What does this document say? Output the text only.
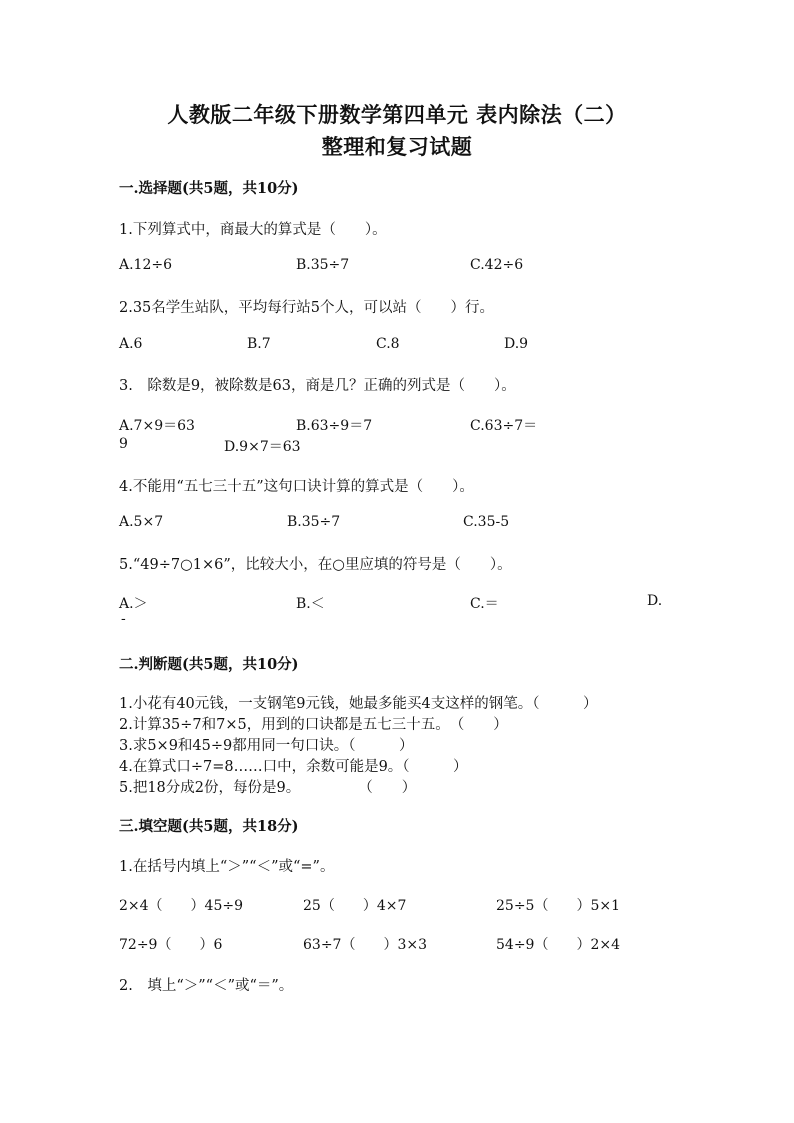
人教版二年级下册数学第四单元 表内除法（二）
整理和复习试题
一.选择题(共5题，共10分)
1.下列算式中，商最大的算式是（　　）。
A.12÷6	B.35÷7	C.42÷6
2.35名学生站队，平均每行站5个人，可以站（　　）行。
A.6	B.7	C.8	D.9
3.　除数是9，被除数是63，商是几？正确的列式是（　　）。
A.7×9＝63	B.63÷9＝7	C.63÷7＝
9	D.9×7＝63
4.不能用“五七三十五”这句口诀计算的算式是（　　）。
A.5×7	B.35÷7	C.35-5
5.“49÷7○1×6”，比较大小，在○里应填的符号是（　　）。
A.＞	B.＜	C.＝	D.
-
二.判断题(共5题，共10分)
1.小花有40元钱，一支钢笔9元钱，她最多能买4支这样的钢笔。（　　　）
2.计算35÷7和7×5，用到的口诀都是五七三十五。　（　　）
3.求5×9和45÷9都用同一句口诀。（　　　）
4.在算式口÷7=8……口中，余数可能是9。（　　　）
5.把18分成2份，每份是9。　　　　　（　　）
三.填空题(共5题，共18分)
1.在括号内填上“＞”“＜”或“=”。
2×4（　　）45÷9	25（　　）4×7	25÷5（　　）5×1
72÷9（　　）6	63÷7（　　）3×3	54÷9（　　）2×4
2.　填上“＞”“＜”或“＝”。
